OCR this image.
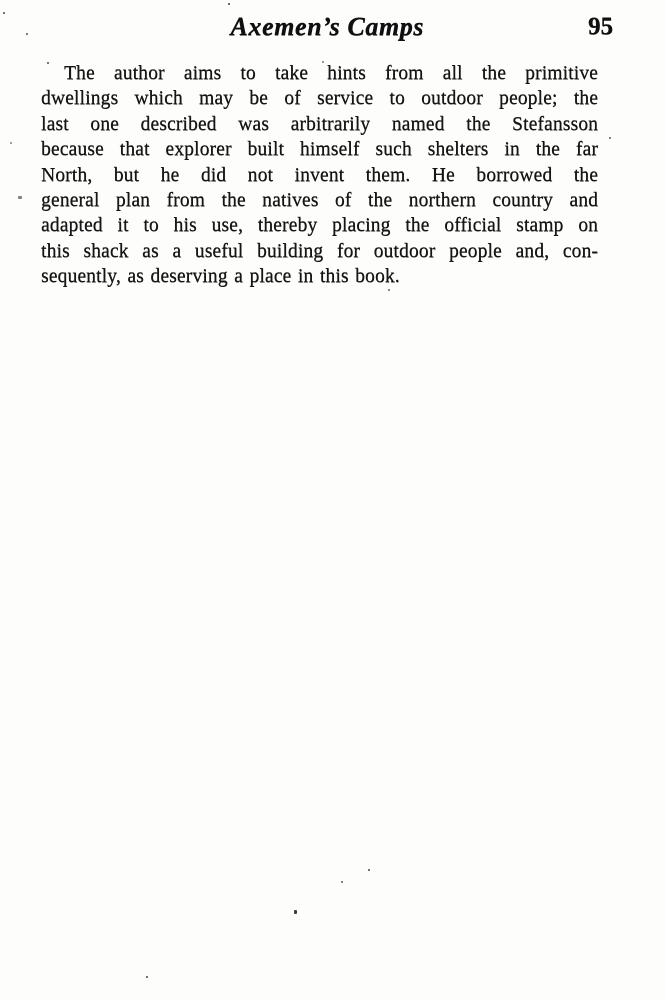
Axemen’s Camps	95
The author aims to take hints from all the primitive
dwellings which may be of service to outdoor people; the
last one described was arbitrarily named the Stefansson
because that explorer built himself such shelters in the far
North, but he did not invent them. He borrowed the
general plan from the natives of the northern country and
adapted it to his use, thereby placing the official stamp on
this shack as a useful building for outdoor people and, con-
sequently, as deserving a place in this book.
